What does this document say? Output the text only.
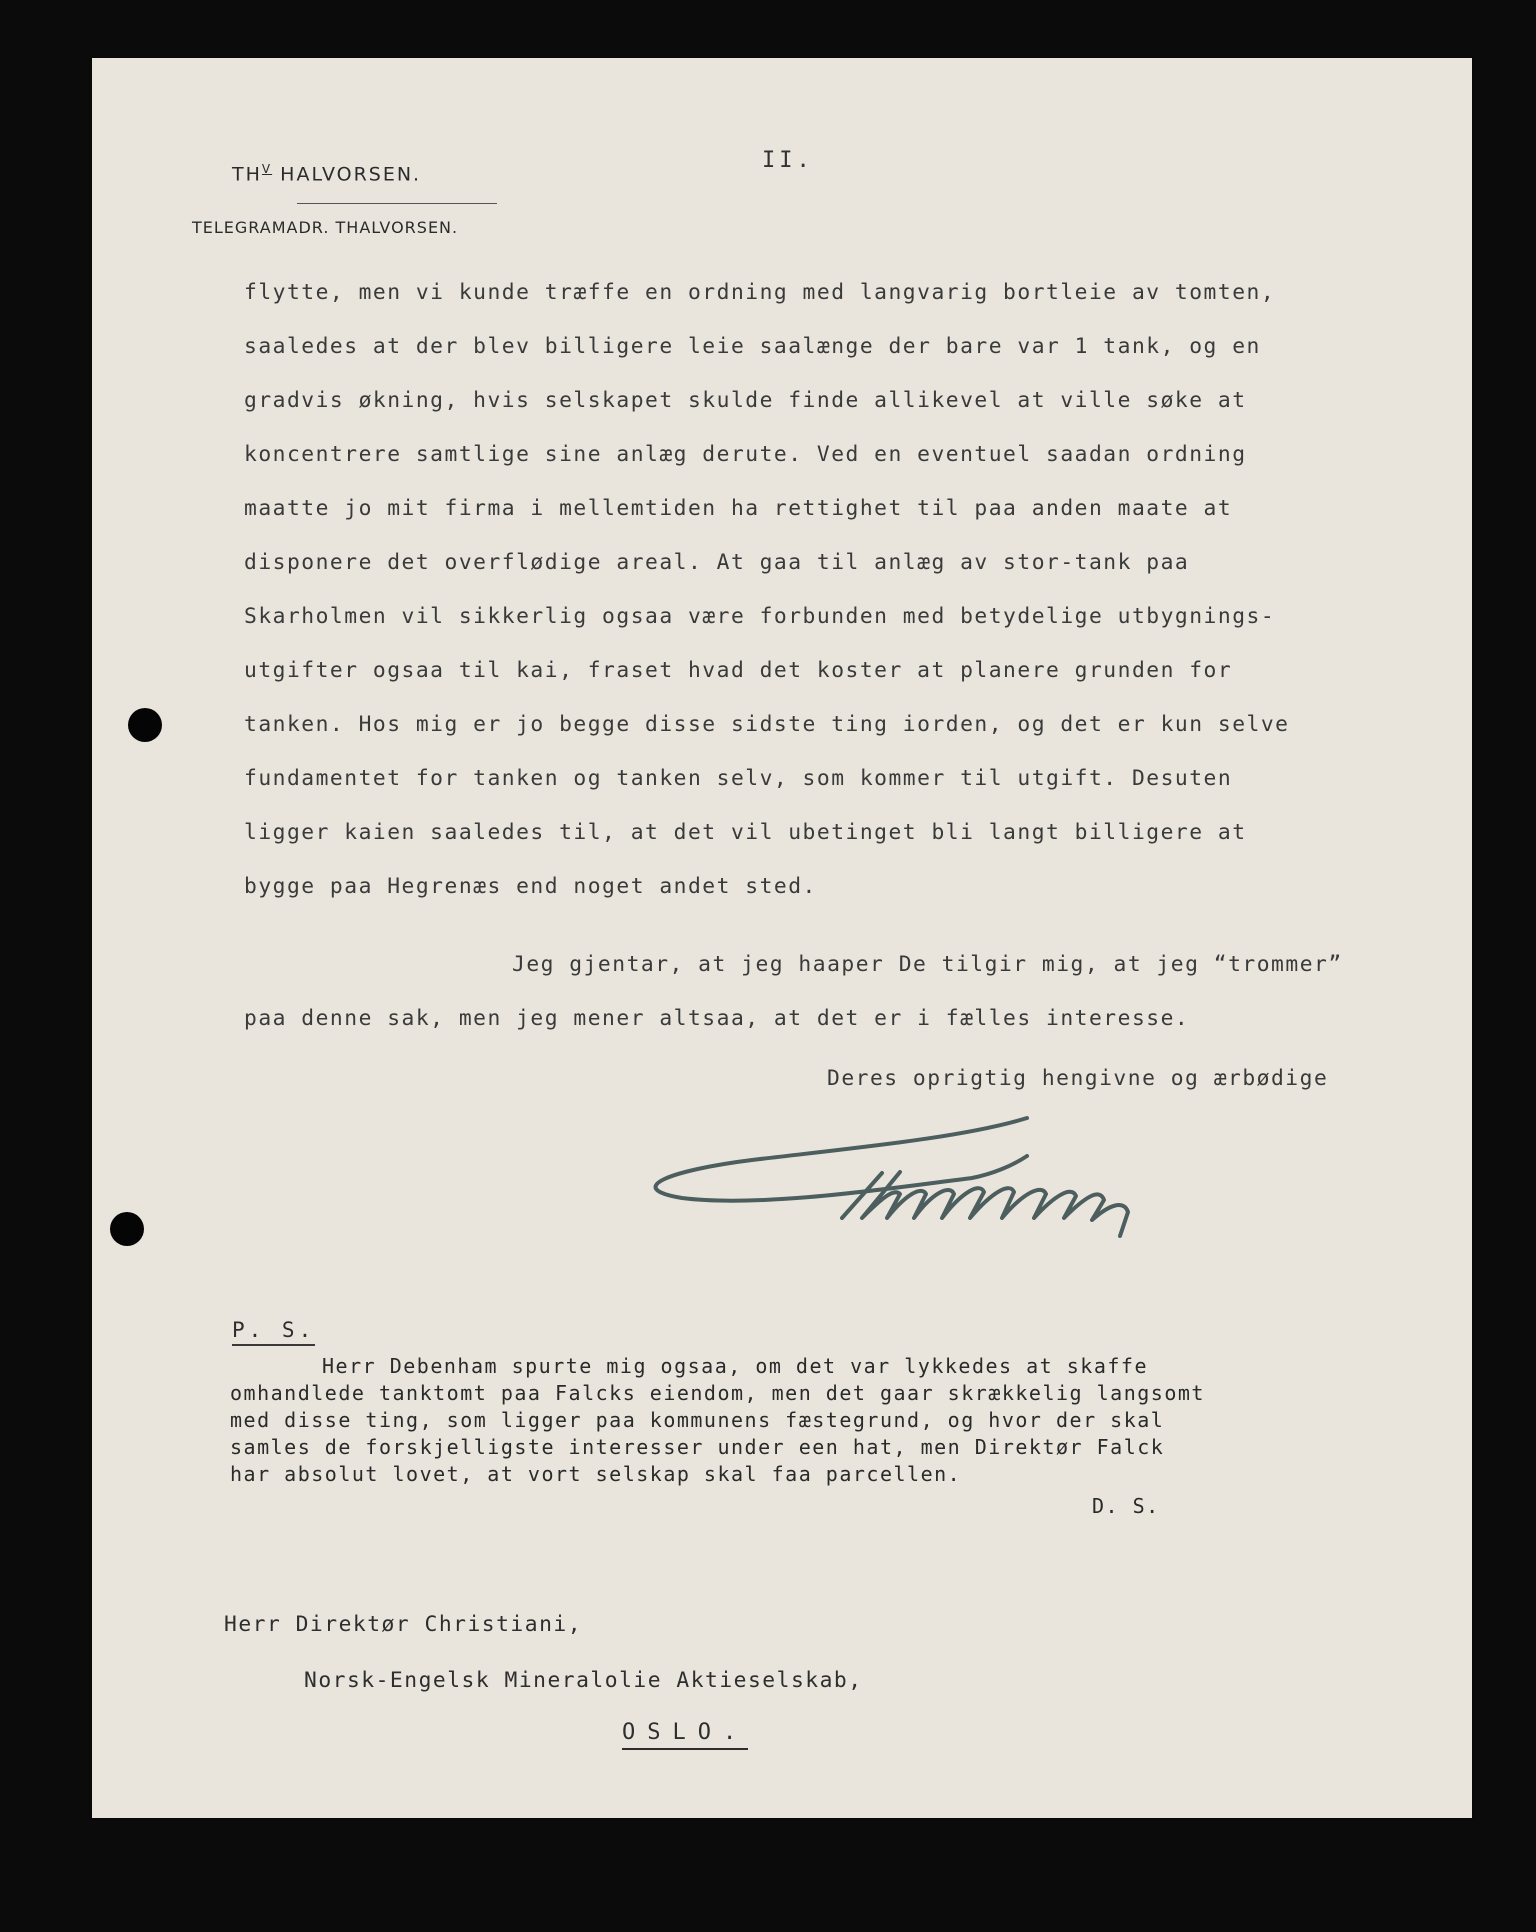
$TH^V$ HALVORSEN.
TELEGRAMADR. THALVORSEN.
II.
flytte, men vi kunde træffe en ordning med langvarig bortleie av tomten,
saaledes at der blev billigere leie saalænge der bare var 1 tank, og en
gradvis økning, hvis selskapet skulde finde allikevel at ville søke at
koncentrere samtlige sine anlæg derute. Ved en eventuel saadan ordning
maatte jo mit firma i mellemtiden ha rettighet til paa anden maate at
disponere det overflødige areal. At gaa til anlæg av stor-tank paa
Skarholmen vil sikkerlig ogsaa være forbunden med betydelige utbygnings-
utgifter ogsaa til kai, fraset hvad det koster at planere grunden for
tanken. Hos mig er jo begge disse sidste ting iorden, og det er kun selve
fundamentet for tanken og tanken selv, som kommer til utgift. Desuten
ligger kaien saaledes til, at det vil ubetinget bli langt billigere at
bygge paa Hegrenæs end noget andet sted.
Jeg gjentar, at jeg haaper De tilgir mig, at jeg “trommer”
paa denne sak, men jeg mener altsaa, at det er i fælles interesse.
Deres oprigtig hengivne og ærbødige
P. S.
Herr Debenham spurte mig ogsaa, om det var lykkedes at skaffe
omhandlede tanktomt paa Falcks eiendom, men det gaar skrækkelig langsomt
med disse ting, som ligger paa kommunens fæstegrund, og hvor der skal
samles de forskjelligste interesser under een hat, men Direktør Falck
har absolut lovet, at vort selskap skal faa parcellen.
D. S.
Herr Direktør Christiani,
Norsk-Engelsk Mineralolie Aktieselskab,
OSLO.
